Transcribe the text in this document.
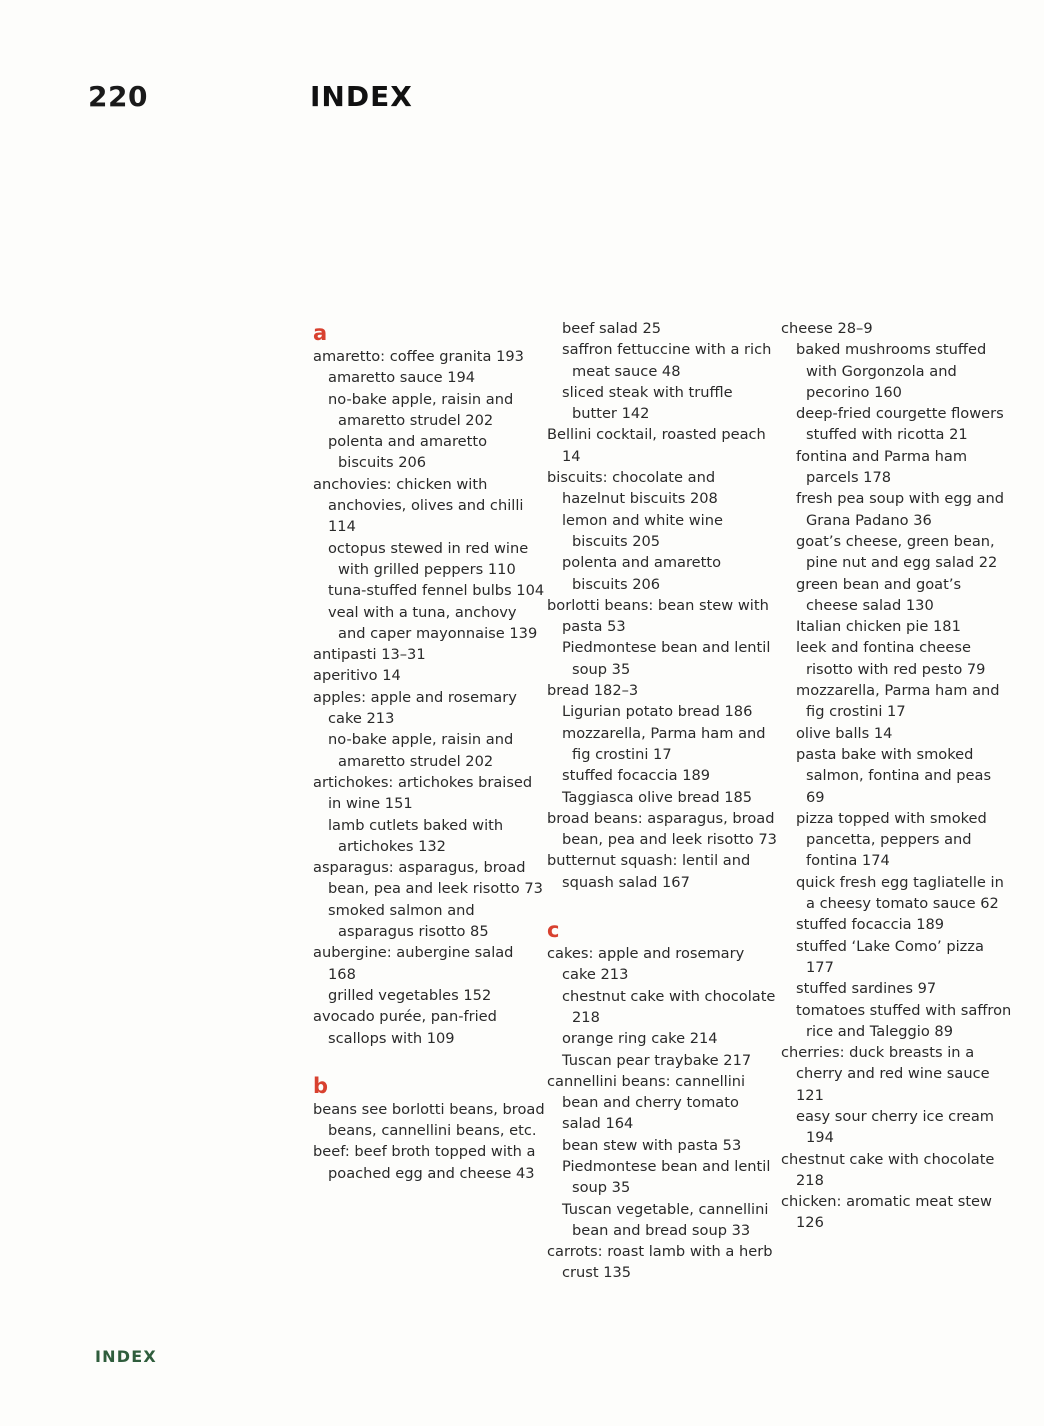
220	INDEX

a

amaretto: coffee granita 193

amaretto sauce 194

no-bake apple, raisin and amaretto strudel 202

polenta and amaretto biscuits 206

anchovies: chicken with anchovies, olives and chilli 114

octopus stewed in red wine with grilled peppers 110

tuna-stuffed fennel bulbs 104

veal with a tuna, anchovy and caper mayonnaise 139

antipasti 13–31

aperitivo 14

apples: apple and rosemary cake 213

no-bake apple, raisin and amaretto strudel 202

artichokes: artichokes braised in wine 151

lamb cutlets baked with artichokes 132

asparagus: asparagus, broad bean, pea and leek risotto 73

smoked salmon and asparagus risotto 85

aubergine: aubergine salad 168

grilled vegetables 152

avocado purée, pan-fried scallops with 109

b

beans see borlotti beans, broad beans, cannellini beans, etc.

beef: beef broth topped with a poached egg and cheese 43

beef salad 25

saffron fettuccine with a rich meat sauce 48

sliced steak with truffle butter 142

Bellini cocktail, roasted peach 14

biscuits: chocolate and hazelnut biscuits 208

lemon and white wine biscuits 205

polenta and amaretto biscuits 206

borlotti beans: bean stew with pasta 53

Piedmontese bean and lentil soup 35

bread 182–3

Ligurian potato bread 186

mozzarella, Parma ham and fig crostini 17

stuffed focaccia 189

Taggiasca olive bread 185

broad beans: asparagus, broad bean, pea and leek risotto 73

butternut squash: lentil and squash salad 167

c

cakes: apple and rosemary cake 213

chestnut cake with chocolate 218

orange ring cake 214

Tuscan pear traybake 217

cannellini beans: cannellini bean and cherry tomato salad 164

bean stew with pasta 53

Piedmontese bean and lentil soup 35

Tuscan vegetable, cannellini bean and bread soup 33

carrots: roast lamb with a herb crust 135

cheese 28–9

baked mushrooms stuffed with Gorgonzola and pecorino 160

deep-fried courgette flowers stuffed with ricotta 21

fontina and Parma ham parcels 178

fresh pea soup with egg and Grana Padano 36

goat’s cheese, green bean, pine nut and egg salad 22

green bean and goat’s cheese salad 130

Italian chicken pie 181

leek and fontina cheese risotto with red pesto 79

mozzarella, Parma ham and fig crostini 17

olive balls 14

pasta bake with smoked salmon, fontina and peas 69

pizza topped with smoked pancetta, peppers and fontina 174

quick fresh egg tagliatelle in a cheesy tomato sauce 62

stuffed focaccia 189

stuffed ‘Lake Como’ pizza 177

stuffed sardines 97

tomatoes stuffed with saffron rice and Taleggio 89

cherries: duck breasts in a cherry and red wine sauce 121

easy sour cherry ice cream 194

chestnut cake with chocolate 218

chicken: aromatic meat stew 126

INDEX
